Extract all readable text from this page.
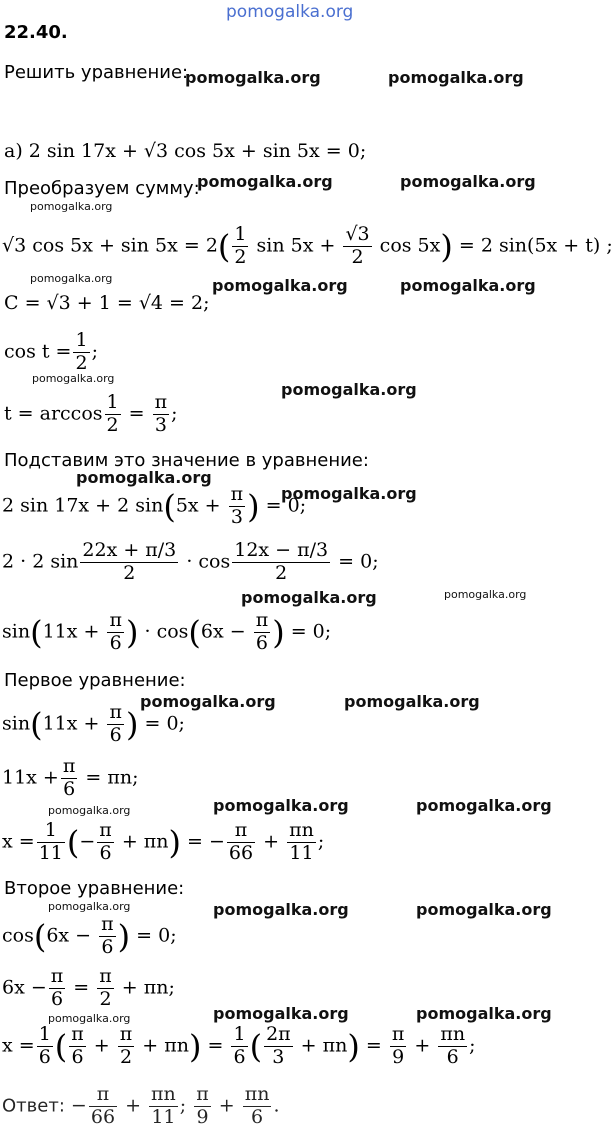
pomogalka.org
22.40.
Решить уравнение:
pomogalka.org	pomogalka.org
а) 2 sin 17x + √3 cos 5x + sin 5x = 0;
Преобразуем сумму:
pomogalka.org	pomogalka.org
pomogalka.org
√3 $\cos 5x + \sin 5x = 2( \frac{1}{2}$ $\sin 5x + \frac{√3}{2}$ cos 5x) = 2 sin(5x + t) ;
pomogalka.org
C = √3 + 1 = √4 = 2;
pomogalka.org	pomogalka.org
$\cos t = \frac{1}{2}$ ;
pomogalka.org
$t = \arccos \frac{1}{2} = \frac{\pi}{3}$ ;
pomogalka.org
Подставим это значение в уравнение:
pomogalka.org
pomogalka.org
2 sin 17x + 2 $\sin(5x + \frac{\pi}{3}$ ) = 0;
2 · 2 $\sin \frac{22x + \pi/3}{2} \cdot \cos \frac{12x - \pi/3}{2} = 0$;
pomogalka.org	pomogalka.org
$\sin(11x + \frac{\pi}{6}$ ) · $\cos(6x - \frac{\pi}{6}$ ) = 0;
Первое уравнение:
pomogalka.org	pomogalka.org
$\sin(11x + \frac{\pi}{6}$ ) = 0;
$11x + \frac{\pi}{6} = \pi n$;
pomogalka.org	pomogalka.org	pomogalka.org
$x = \frac{1}{11}$ (− $\frac{\pi}{6} + \pi n$) = − $\frac{\pi}{66} + \frac{\pi n}{11}$ ;
Второе уравнение:
pomogalka.org	pomogalka.org	pomogalka.org
$\cos(6x - \frac{\pi}{6}$ ) = 0;
$6x - \frac{\pi}{6} = \frac{\pi}{2} + \pi n$;
pomogalka.org	pomogalka.org	pomogalka.org
$x = \frac{1}{6}$ ( $\frac{\pi}{6} + \frac{\pi}{2} + \pi n) = \frac{1}{6}$ ( $\frac{2\pi}{3} + \pi n) = \frac{\pi}{9} + \frac{\pi n}{6}$ ;
Ответ: − $\frac{\pi}{66} + \frac{\pi n}{11}$ ; $\frac{\pi}{9} + \frac{\pi n}{6}$ .
